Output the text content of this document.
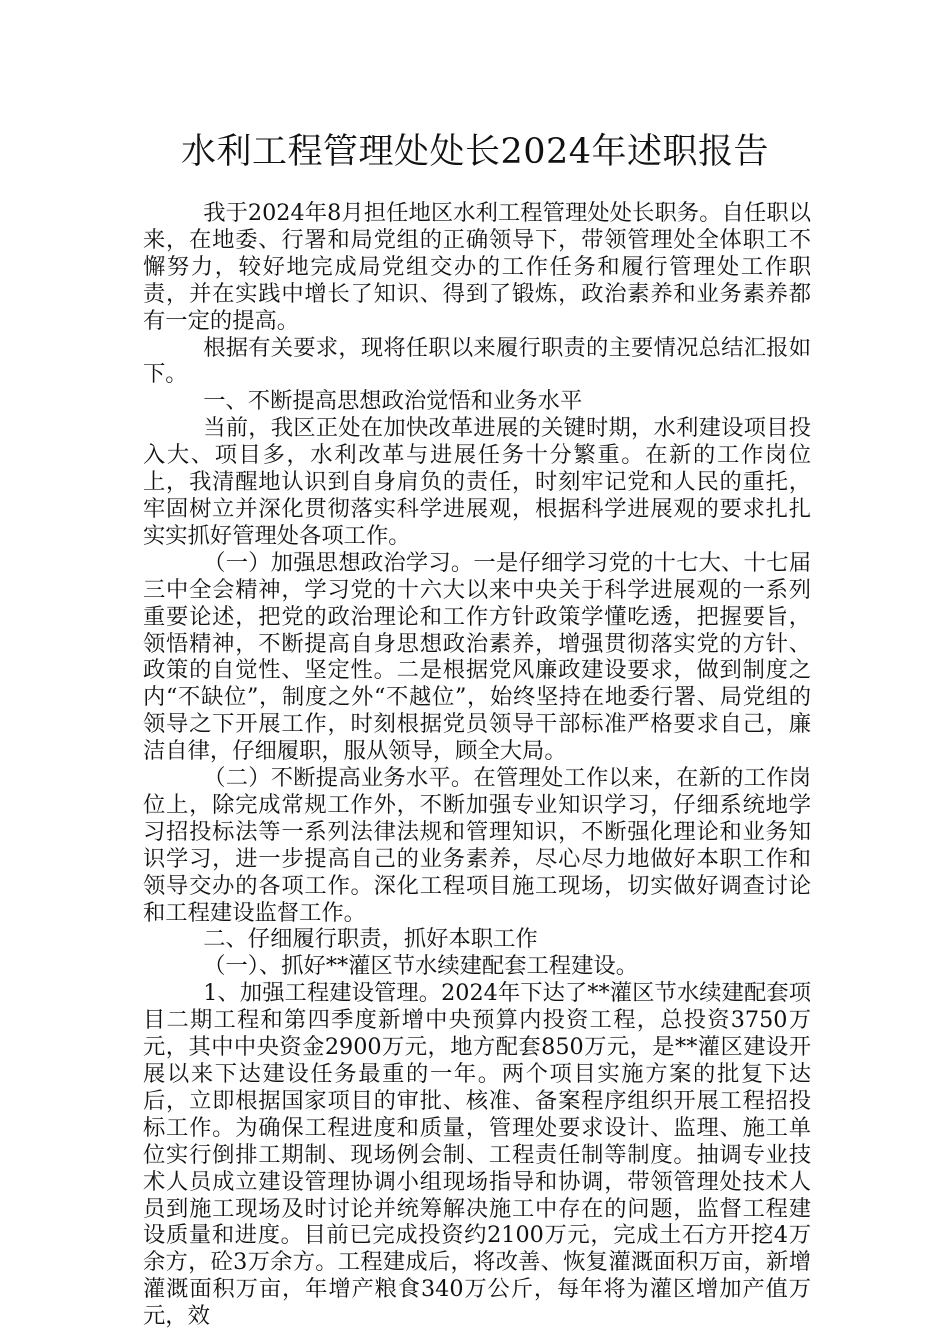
水利工程管理处处长2024年述职报告

我于2024年8月担任地区水利工程管理处处长职务。自任职以来，在地委、行署和局党组的正确领导下，带领管理处全体职工不懈努力，较好地完成局党组交办的工作任务和履行管理处工作职责，并在实践中增长了知识、得到了锻炼，政治素养和业务素养都有一定的提高。

根据有关要求，现将任职以来履行职责的主要情况总结汇报如下。

一、不断提高思想政治觉悟和业务水平

当前，我区正处在加快改革进展的关键时期，水利建设项目投入大、项目多，水利改革与进展任务十分繁重。在新的工作岗位上，我清醒地认识到自身肩负的责任，时刻牢记党和人民的重托，牢固树立并深化贯彻落实科学进展观，根据科学进展观的要求扎扎实实抓好管理处各项工作。

（一）加强思想政治学习。一是仔细学习党的十七大、十七届三中全会精神，学习党的十六大以来中央关于科学进展观的一系列重要论述，把党的政治理论和工作方针政策学懂吃透，把握要旨，领悟精神，不断提高自身思想政治素养，增强贯彻落实党的方针、政策的自觉性、坚定性。二是根据党风廉政建设要求，做到制度之内“不缺位”，制度之外“不越位”，始终坚持在地委行署、局党组的领导之下开展工作，时刻根据党员领导干部标准严格要求自己，廉洁自律，仔细履职，服从领导，顾全大局。

（二）不断提高业务水平。在管理处工作以来，在新的工作岗位上，除完成常规工作外，不断加强专业知识学习，仔细系统地学习招投标法等一系列法律法规和管理知识，不断强化理论和业务知识学习，进一步提高自己的业务素养，尽心尽力地做好本职工作和领导交办的各项工作。深化工程项目施工现场，切实做好调查讨论和工程建设监督工作。

二、仔细履行职责，抓好本职工作

（一）、抓好**灌区节水续建配套工程建设。

1、加强工程建设管理。2024年下达了**灌区节水续建配套项目二期工程和第四季度新增中央预算内投资工程，总投资3750万元，其中中央资金2900万元，地方配套850万元，是**灌区建设开展以来下达建设任务最重的一年。两个项目实施方案的批复下达后，立即根据国家项目的审批、核准、备案程序组织开展工程招投标工作。为确保工程进度和质量，管理处要求设计、监理、施工单位实行倒排工期制、现场例会制、工程责任制等制度。抽调专业技术人员成立建设管理协调小组现场指导和协调，带领管理处技术人员到施工现场及时讨论并统筹解决施工中存在的问题，监督工程建设质量和进度。目前已完成投资约2100万元，完成土石方开挖4万余方，砼3万余方。工程建成后，将改善、恢复灌溉面积万亩，新增灌溉面积万亩，年增产粮食340万公斤，每年将为灌区增加产值万元，效
